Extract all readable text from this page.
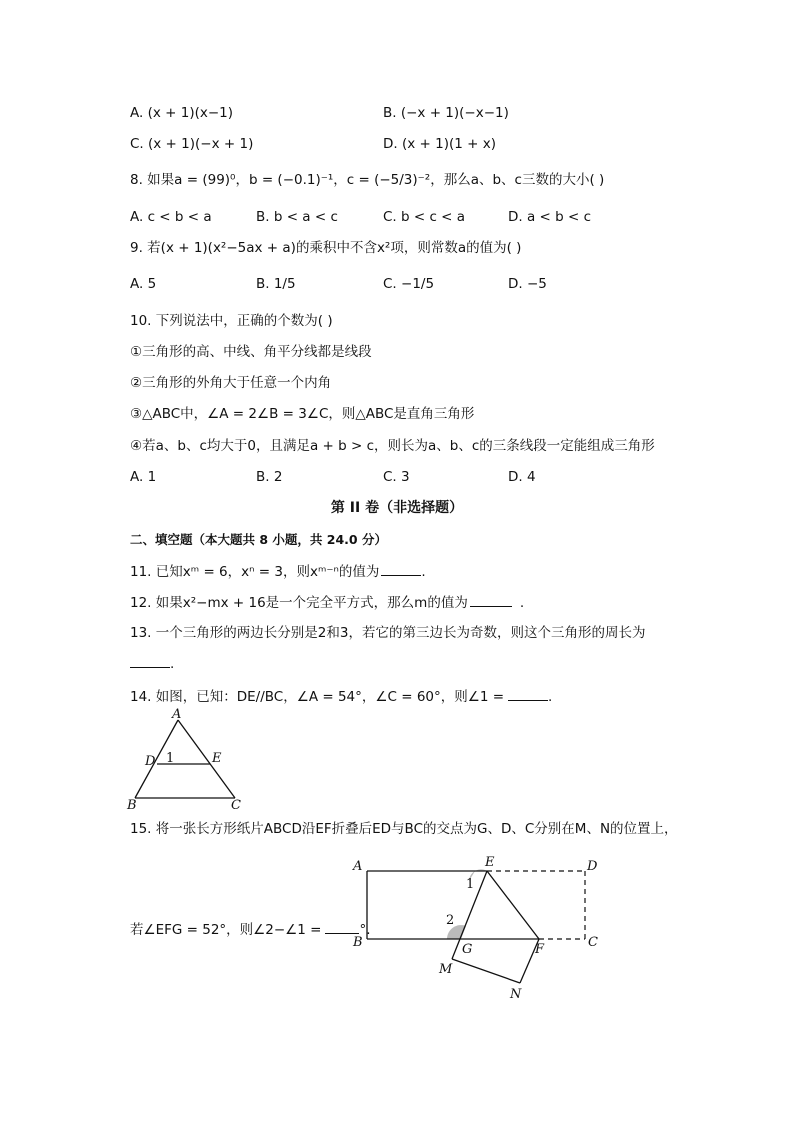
A. (x + 1)(x−1)	B. (−x + 1)(−x−1)
C. (x + 1)(−x + 1)	D. (x + 1)(1 + x)
8. 如果a = (99)⁰，b = (−0.1)⁻¹，c = (−5/3)⁻²，那么a、b、c三数的大小( )
A. c < b < a	B. b < a < c	C. b < c < a	D. a < b < c
9. 若(x + 1)(x²−5ax + a)的乘积中不含x²项，则常数a的值为( )
A. 5	B. 1/5	C. −1/5	D. −5
10. 下列说法中，正确的个数为( )
①三角形的高、中线、角平分线都是线段
②三角形的外角大于任意一个内角
③△ABC中，∠A = 2∠B = 3∠C，则△ABC是直角三角形
④若a、b、c均大于0，且满足a + b > c，则长为a、b、c的三条线段一定能组成三角形
A. 1	B. 2	C. 3	D. 4
第 II 卷（非选择题）
二、填空题（本大题共 8 小题，共 24.0 分）
11. 已知xᵐ = 6，xⁿ = 3，则xᵐ⁻ⁿ的值为	.
12. 如果x²−mx + 16是一个完全平方式，那么m的值为	.
13. 一个三角形的两边长分别是2和3，若它的第三边长为奇数，则这个三角形的周长为
.
14. 如图，已知：DE//BC，∠A = 54°，∠C = 60°，则∠1 =	.
A
B	C
D	E
1
15. 将一张长方形纸片ABCD沿EF折叠后ED与BC的交点为G、D、C分别在M、N的位置上，
若∠EFG = 52°，则∠2−∠1 =	°.
A	E	D
B	C
G	F
M
N
1
2
